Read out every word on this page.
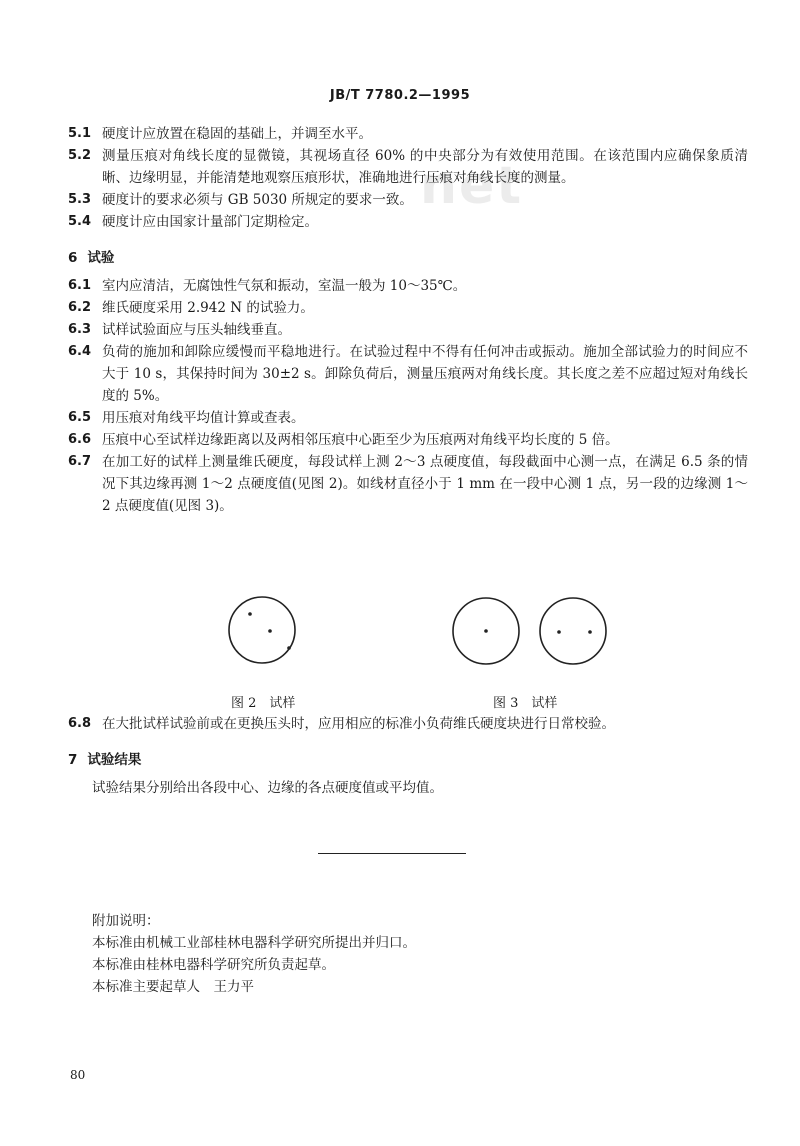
net
JB/T 7780.2—1995
5.1 硬度计应放置在稳固的基础上，并调至水平。
5.2 测量压痕对角线长度的显微镜，其视场直径 60% 的中央部分为有效使用范围。在该范围内应确保象质清晰、边缘明显，并能清楚地观察压痕形状，准确地进行压痕对角线长度的测量。
5.3 硬度计的要求必须与 GB 5030 所规定的要求一致。
5.4 硬度计应由国家计量部门定期检定。
6 试验
6.1 室内应清洁，无腐蚀性气氛和振动，室温一般为 10～35℃。
6.2 维氏硬度采用 2.942 N 的试验力。
6.3 试样试验面应与压头轴线垂直。
6.4 负荷的施加和卸除应缓慢而平稳地进行。在试验过程中不得有任何冲击或振动。施加全部试验力的时间应不大于 10 s，其保持时间为 30±2 s。卸除负荷后，测量压痕两对角线长度。其长度之差不应超过短对角线长度的 5%。
6.5 用压痕对角线平均值计算或查表。
6.6 压痕中心至试样边缘距离以及两相邻压痕中心距至少为压痕两对角线平均长度的 5 倍。
6.7 在加工好的试样上测量维氏硬度，每段试样上测 2～3 点硬度值，每段截面中心测一点，在满足 6.5 条的情况下其边缘再测 1～2 点硬度值(见图 2)。如线材直径小于 1 mm 在一段中心测 1 点，另一段的边缘测 1～2 点硬度值(见图 3)。
图 2　试样	图 3　试样
6.8 在大批试样试验前或在更换压头时，应用相应的标准小负荷维氏硬度块进行日常校验。
7 试验结果
试验结果分别给出各段中心、边缘的各点硬度值或平均值。
附加说明：
本标准由机械工业部桂林电器科学研究所提出并归口。
本标准由桂林电器科学研究所负责起草。
本标准主要起草人　王力平
80
